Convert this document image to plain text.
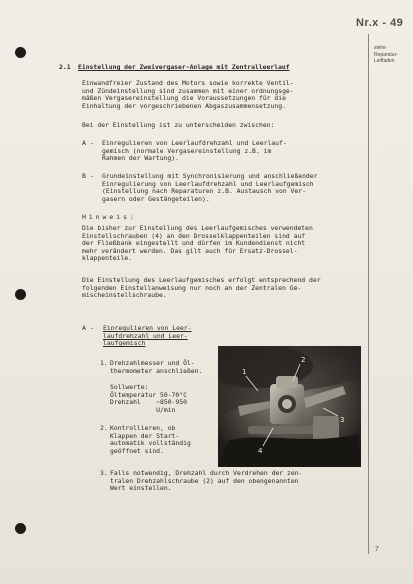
Nr.x - 49
siehe
Reparatur-
Leitfaden
7
2.1 Einstellung der Zweivergaser-Anlage mit Zentralleerlauf
Einwandfreier Zustand des Motors sowie korrekte Ventil-
und Zündeinstellung sind zusammen mit einer ordnungsge-
mäßen Vergasereinstellung die Voraussetzungen für die
Einhaltung der vorgeschriebenen Abgaszusammensetzung.
Bei der Einstellung ist zu unterscheiden zwischen:
A - Einregulieren von Leerlaufdrehzahl und Leerlauf-
gemisch (normale Vergasereinstellung z.B. im
Rahmen der Wartung).
B - Grundeinstellung mit Synchronisierung und anschließender
Einregulierung von Leerlaufdrehzahl und Leerlaufgemisch
(Einstellung nach Reparaturen z.B. Austausch von Ver-
gasern oder Gestängeteilen).
Hinweis:
Die bisher zur Einstellung des Leerlaufgemisches verwendeten
Einstellschrauben (4) an den Drosselklappenteilen sind auf
der Fließbank eingestellt und dürfen im Kundendienst nicht
mehr verändert werden. Das gilt auch für Ersatz-Drossel-
klappenteile.
Die Einstellung des Leerlaufgemisches erfolgt entsprechend der
folgenden Einstellanweisung nur noch an der Zentralen Ge-
mischeinstellschraube.
A - Einregulieren von Leer-
laufdrehzahl und Leer-
laufgemisch
1. Drehzahlmesser und Öl-
thermometer anschließen.
Sollwerte:
Öltemperatur 50-70°C
Drehzahl    ~850-950
U/min
2. Kontrollieren, ob
Klappen der Start-
automatik vollständig
geöffnet sind.
3. Falls notwendig, Drehzahl durch Verdrehen der zen-
tralen Drehzahlschraube (2) auf den obengenannten
Wert einstellen.
1
2
3
4
